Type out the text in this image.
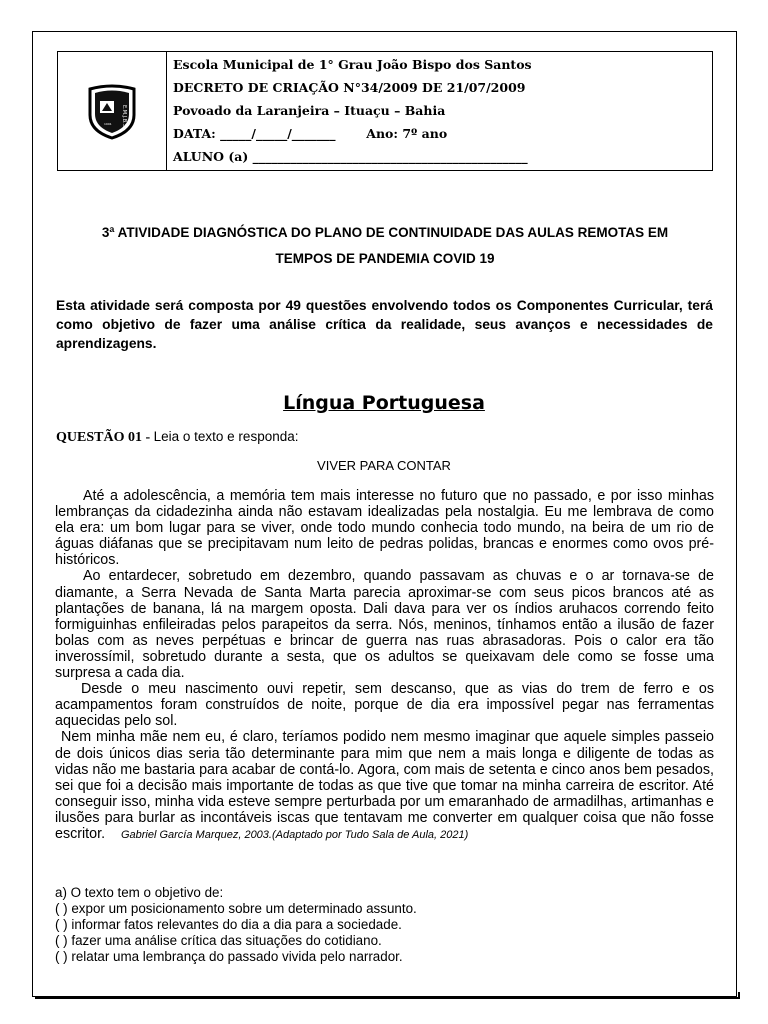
E.M.J.B.S
1991
Escola Municipal de 1° Grau João Bispo dos Santos
DECRETO DE CRIAÇÃO N°34/2009 DE 21/07/2009
Povoado da Laranjeira – Ituaçu – Bahia
DATA: _____/_____/_______ Ano: 7º ano
ALUNO (a) ____________________________________________
3ª ATIVIDADE DIAGNÓSTICA DO PLANO DE CONTINUIDADE DAS AULAS REMOTAS EM
TEMPOS DE PANDEMIA COVID 19
Esta atividade será composta por 49 questões envolvendo todos os Componentes Curricular, terá como objetivo de fazer uma análise crítica da realidade, seus avanços e necessidades de aprendizagens.
Língua Portuguesa
QUESTÃO 01 - Leia o texto e responda:
VIVER PARA CONTAR

Até a adolescência, a memória tem mais interesse no futuro que no passado, e por isso minhas lembranças da cidadezinha ainda não estavam idealizadas pela nostalgia. Eu me lembrava de como ela era: um bom lugar para se viver, onde todo mundo conhecia todo mundo, na beira de um rio de águas diáfanas que se precipitavam num leito de pedras polidas, brancas e enormes como ovos pré-históricos.

Ao entardecer, sobretudo em dezembro, quando passavam as chuvas e o ar tornava-se de diamante, a Serra Nevada de Santa Marta parecia aproximar-se com seus picos brancos até as plantações de banana, lá na margem oposta. Dali dava para ver os índios aruhacos correndo feito formiguinhas enfileiradas pelos parapeitos da serra. Nós, meninos, tínhamos então a ilusão de fazer bolas com as neves perpétuas e brincar de guerra nas ruas abrasadoras. Pois o calor era tão inverossímil, sobretudo durante a sesta, que os adultos se queixavam dele como se fosse uma surpresa a cada dia.

Desde o meu nascimento ouvi repetir, sem descanso, que as vias do trem de ferro e os acampamentos foram construídos de noite, porque de dia era impossível pegar nas ferramentas aquecidas pelo sol.

Nem minha mãe nem eu, é claro, teríamos podido nem mesmo imaginar que aquele simples passeio de dois únicos dias seria tão determinante para mim que nem a mais longa e diligente de todas as vidas não me bastaria para acabar de contá-lo. Agora, com mais de setenta e cinco anos bem pesados, sei que foi a decisão mais importante de todas as que tive que tomar na minha carreira de escritor. Até conseguir isso, minha vida esteve sempre perturbada por um emaranhado de armadilhas, artimanhas e ilusões para burlar as incontáveis iscas que tentavam me converter em qualquer coisa que não fosse escritor. Gabriel García Marquez, 2003.(Adaptado por Tudo Sala de Aula, 2021)

a) O texto tem o objetivo de:
( ) expor um posicionamento sobre um determinado assunto.
( ) informar fatos relevantes do dia a dia para a sociedade.
( ) fazer uma análise crítica das situações do cotidiano.
( ) relatar uma lembrança do passado vivida pelo narrador.
